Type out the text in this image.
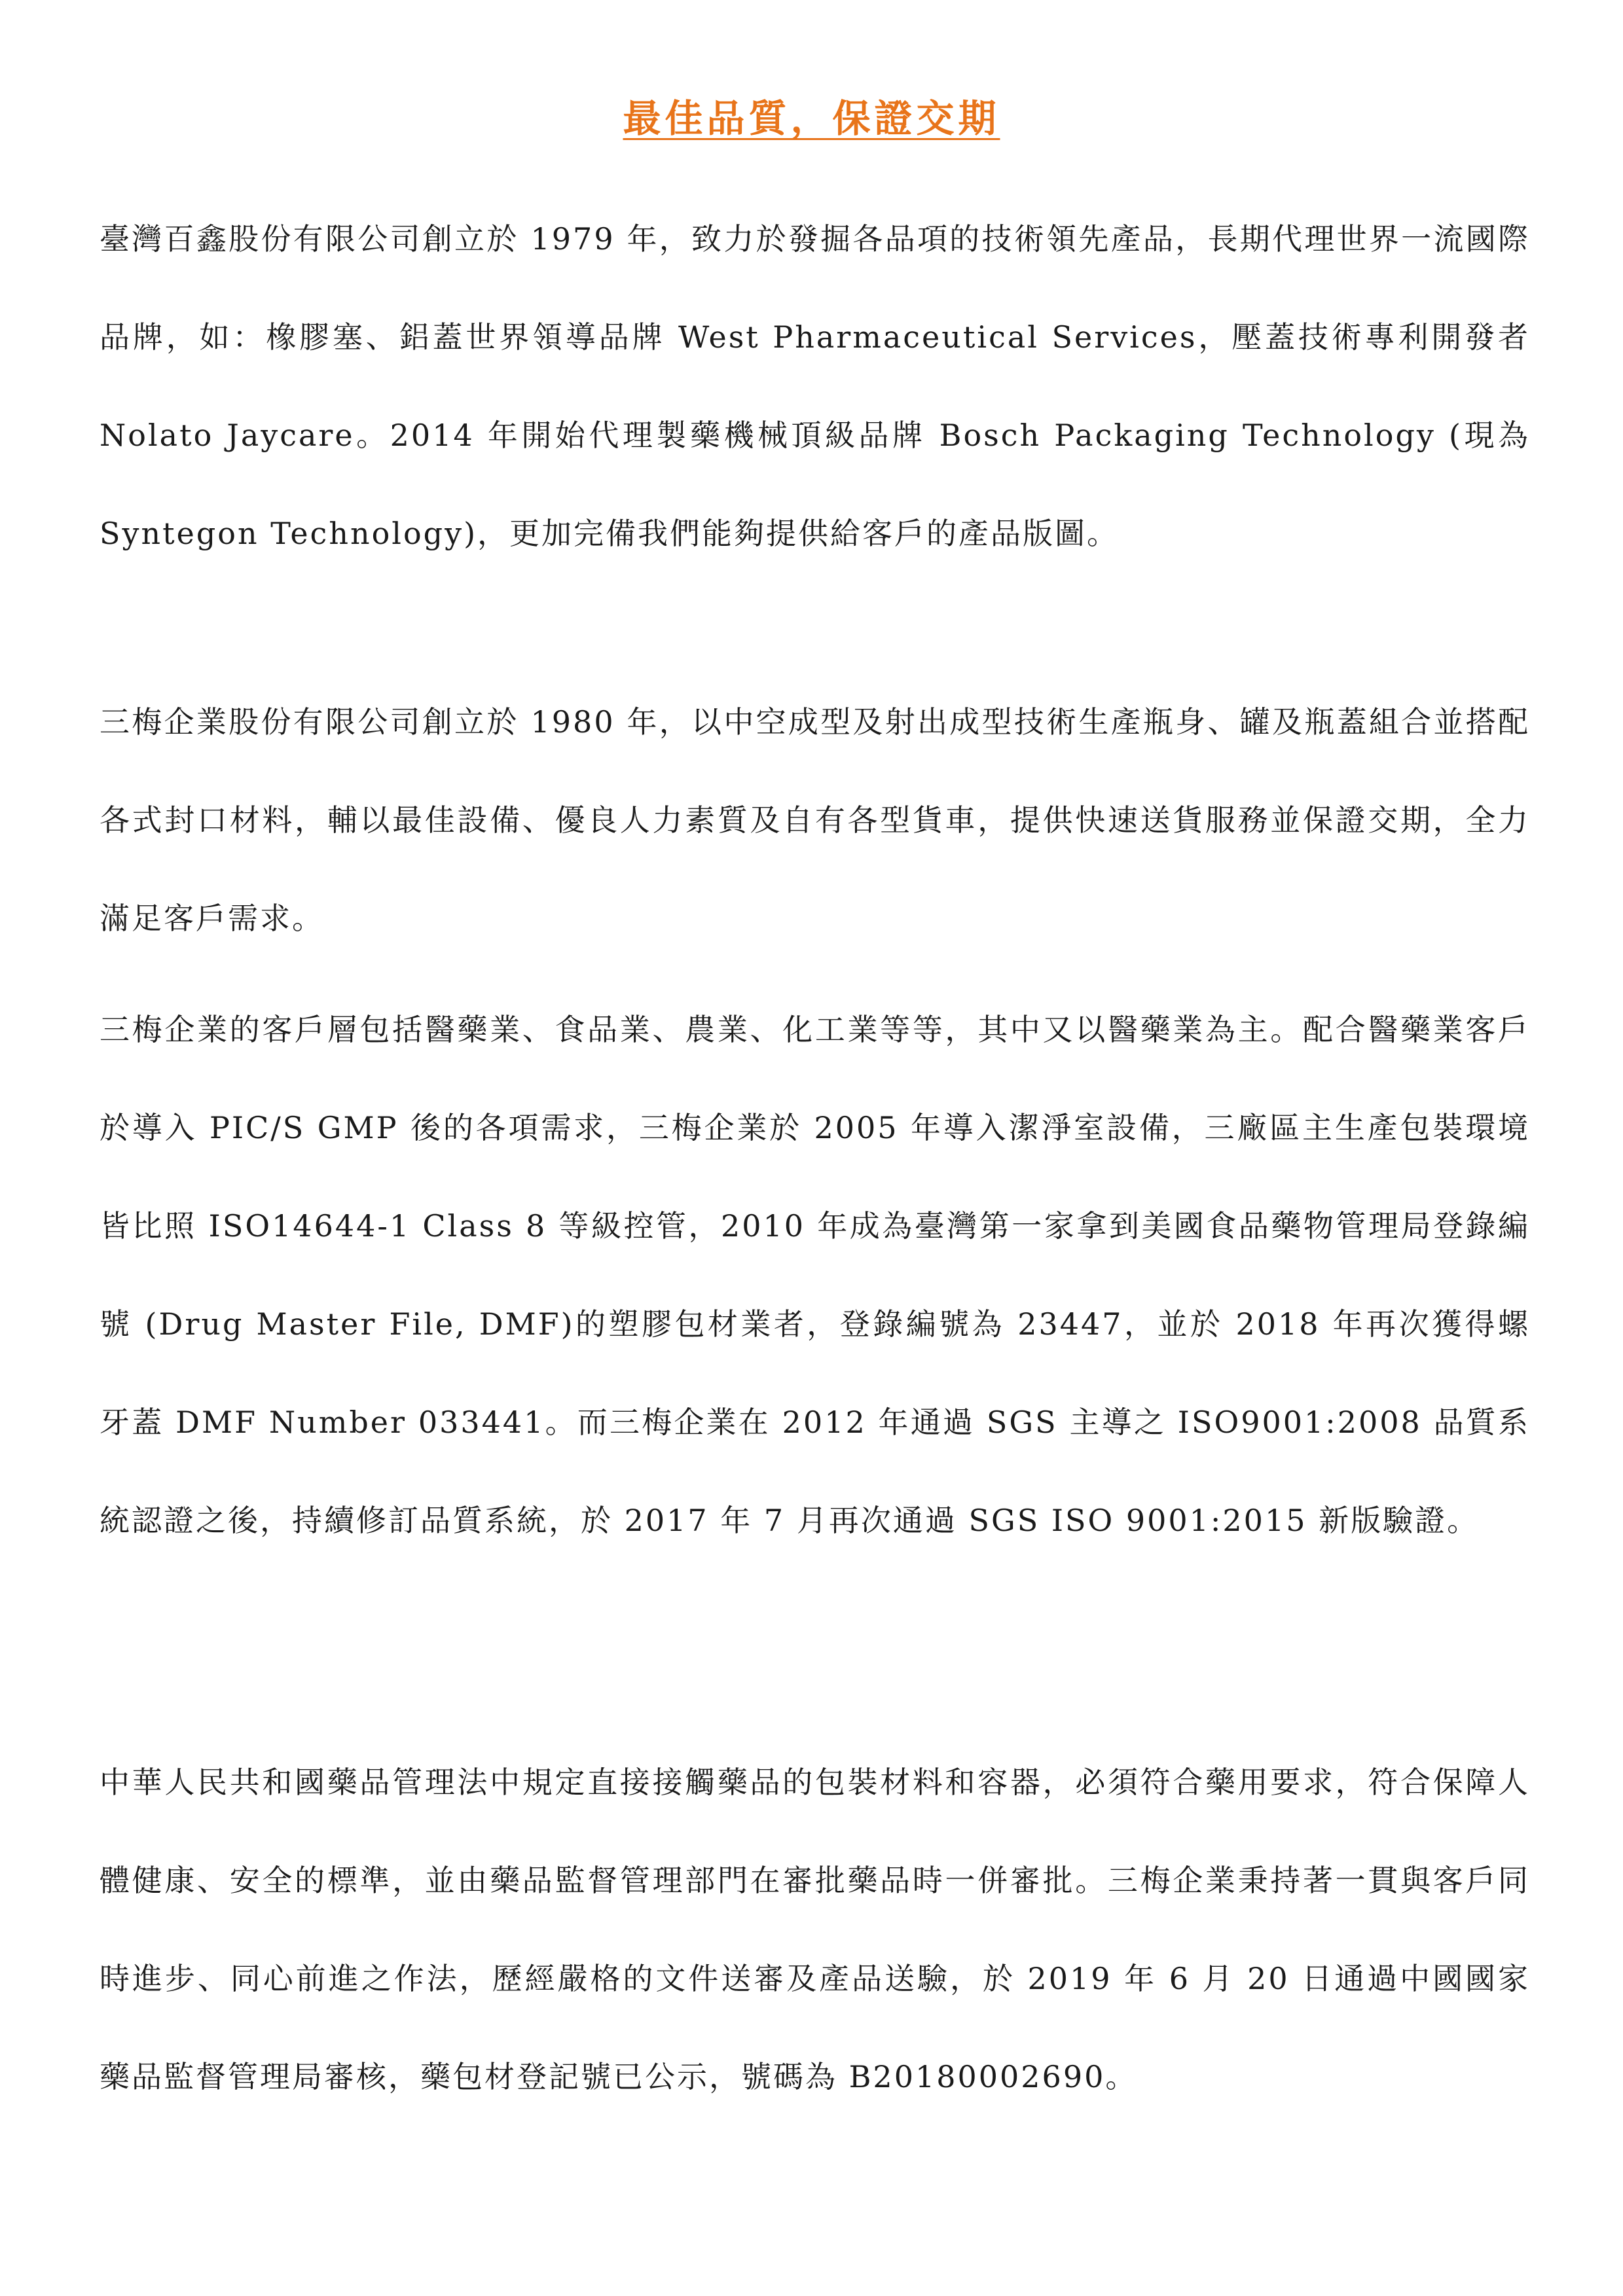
最佳品質，保證交期

臺灣百鑫股份有限公司創立於 1979 年，致力於發掘各品項的技術領先產品，長期代理世界一流國際品牌，如：橡膠塞、鋁蓋世界領導品牌 West Pharmaceutical Services，壓蓋技術專利開發者 Nolato Jaycare。2014 年開始代理製藥機械頂級品牌 Bosch Packaging Technology (現為 Syntegon Technology)，更加完備我們能夠提供給客戶的產品版圖。

三梅企業股份有限公司創立於 1980 年，以中空成型及射出成型技術生產瓶身、罐及瓶蓋組合並搭配各式封口材料，輔以最佳設備、優良人力素質及自有各型貨車，提供快速送貨服務並保證交期，全力滿足客戶需求。

三梅企業的客戶層包括醫藥業、食品業、農業、化工業等等，其中又以醫藥業為主。配合醫藥業客戶於導入 PIC/S GMP 後的各項需求，三梅企業於 2005 年導入潔淨室設備，三廠區主生產包裝環境皆比照 ISO14644-1 Class 8 等級控管，2010 年成為臺灣第一家拿到美國食品藥物管理局登錄編號 (Drug Master File, DMF)的塑膠包材業者，登錄編號為 23447，並於 2018 年再次獲得螺牙蓋 DMF Number 033441。而三梅企業在 2012 年通過 SGS 主導之 ISO9001:2008 品質系統認證之後，持續修訂品質系統，於 2017 年 7 月再次通過 SGS ISO 9001:2015 新版驗證。

中華人民共和國藥品管理法中規定直接接觸藥品的包裝材料和容器，必須符合藥用要求，符合保障人體健康、安全的標準，並由藥品監督管理部門在審批藥品時一併審批。三梅企業秉持著一貫與客戶同時進步、同心前進之作法，歷經嚴格的文件送審及產品送驗，於 2019 年 6 月 20 日通過中國國家藥品監督管理局審核，藥包材登記號已公示，號碼為 B20180002690。
